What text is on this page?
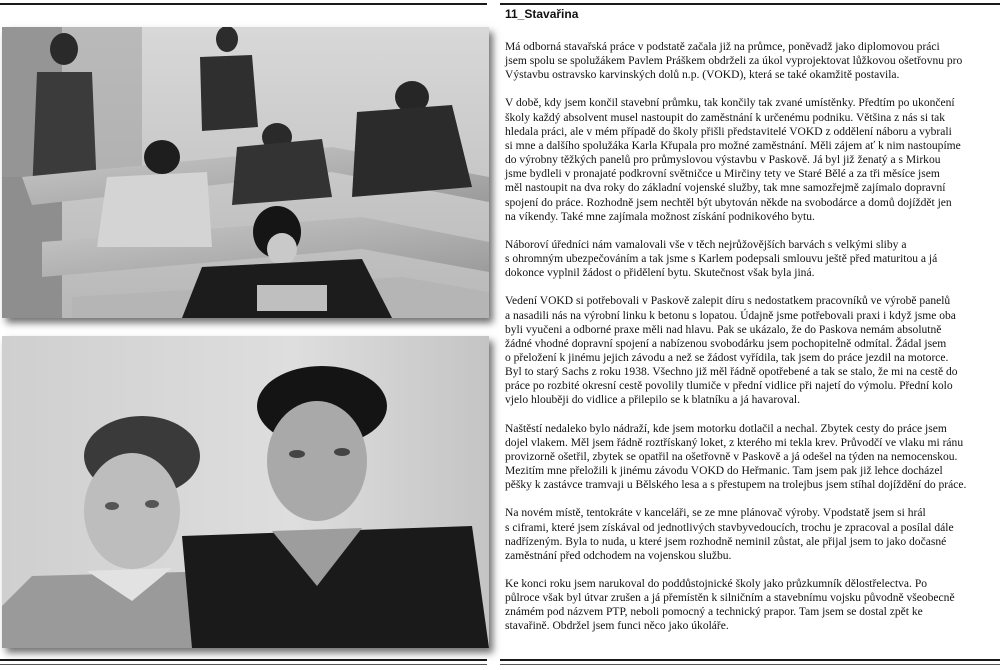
11_Stavařina

Má odborná stavařská práce v podstatě začala již na průmce, poněvadž jako diplomovou práci
jsem spolu se spolužákem Pavlem Práškem obdrželi za úkol vyprojektovat lůžkovou ošetřovnu pro
Výstavbu ostravsko karvinských dolů n.p. (VOKD), která se také okamžitě postavila.

V době, kdy jsem končil stavební průmku, tak končily tak zvané umístěnky. Předtím po ukončení
školy každý absolvent musel nastoupit do zaměstnání k určenému podniku. Většina z nás si tak
hledala práci, ale v mém případě do školy přišli představitelé VOKD z oddělení náboru a vybrali
si mne a dalšího spolužáka Karla Křupala pro možné zaměstnání. Měli zájem ať k nim nastoupíme
do výrobny těžkých panelů pro průmyslovou výstavbu v Paskově. Já byl již ženatý a s Mirkou
jsme bydleli v pronajaté podkrovní světničce u Mirčiny tety ve Staré Bělé a za tři měsíce jsem
měl nastoupit na dva roky do základní vojenské služby, tak mne samozřejmě zajímalo dopravní
spojení do práce. Rozhodně jsem nechtěl být ubytován někde na svobodárce a domů dojíždět jen
na víkendy. Také mne zajímala možnost získání podnikového bytu.

Náboroví úředníci nám vamalovali vše v těch nejrůžovějších barvách s velkými sliby a
s ohromným ubezpečováním a tak jsme s Karlem podepsali smlouvu ještě před maturitou a já
dokonce vyplnil žádost o přidělení bytu. Skutečnost však byla jiná.

Vedení VOKD si potřebovali v Paskově zalepit díru s nedostatkem pracovníků ve výrobě panelů
a nasadili nás na výrobní linku k betonu s lopatou. Údajně jsme potřebovali praxi i když jsme oba
byli vyučeni a odborné praxe měli nad hlavu. Pak se ukázalo, že do Paskova nemám absolutně
žádné vhodné dopravní spojení a nabízenou svobodárku jsem pochopitelně odmítal. Žádal jsem
o přeložení k jinému jejich závodu a než se žádost vyřídila, tak jsem do práce jezdil na motorce.
Byl to starý Sachs z roku 1938. Všechno již měl řádně opotřebené a tak se stalo, že mi na cestě do
práce po rozbité okresní cestě povolily tlumiče v přední vidlice při najetí do výmolu. Přední kolo
vjelo hlouběji do vidlice a přilepilo se k blatníku a já havaroval.

Naštěstí nedaleko bylo nádraží, kde jsem motorku dotlačil a nechal. Zbytek cesty do práce jsem
dojel vlakem. Měl jsem řádně roztřískaný loket, z kterého mi tekla krev. Průvodčí ve vlaku mi ránu
provizorně ošetřil, zbytek se opatřil na ošetřovně v Paskově a já odešel na týden na nemocenskou.
Mezitím mne přeložili k jinému závodu VOKD do Heřmanic. Tam jsem pak již lehce docházel
pěšky k zastávce tramvaji u Bělského lesa a s přestupem na trolejbus jsem stíhal dojíždění do práce.

Na novém místě, tentokráte v kanceláři, se ze mne plánovač výroby. Vpodstatě jsem si hrál
s ciframi, které jsem získával od jednotlivých stavbyvedoucích, trochu je zpracoval a posílal dále
nadřízeným. Byla to nuda, u které jsem rozhodně neminil zůstat, ale přijal jsem to jako dočasné
zaměstnání před odchodem na vojenskou službu.

Ke konci roku jsem narukoval do poddůstojnické školy jako průzkumník dělostřelectva. Po
půlroce však byl útvar zrušen a já přemístěn k silničním a stavebnímu vojsku původně všeobecně
známém pod názvem PTP, neboli pomocný a technický prapor. Tam jsem se dostal zpět ke
stavařině. Obdržel jsem funci něco jako úkoláře.
